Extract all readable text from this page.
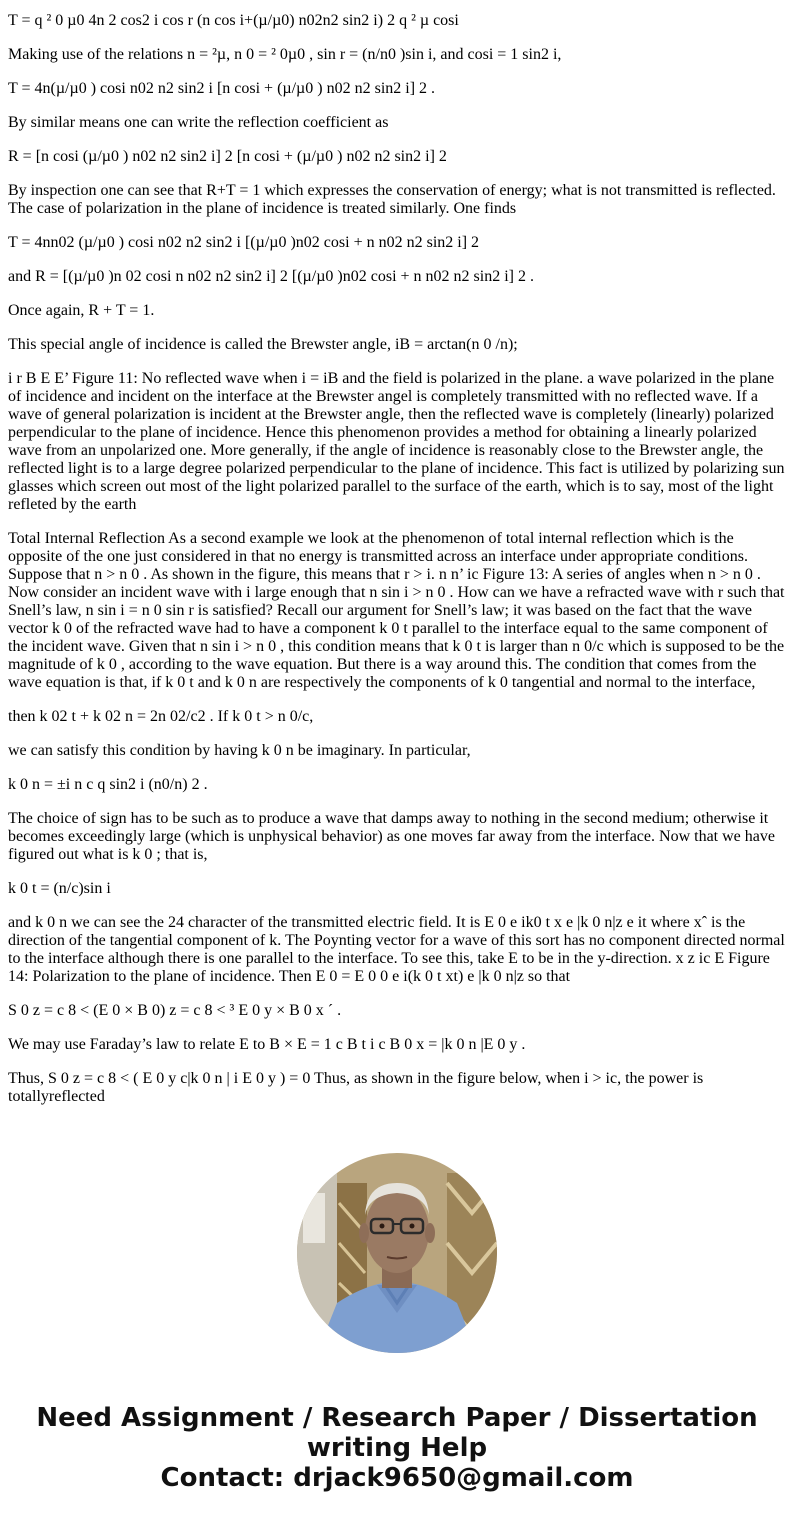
T = q ² 0 µ0 4n 2 cos2 i cos r (n cos i+(µ/µ0) n02n2 sin2 i) 2 q ² µ cosi

Making use of the relations n = ²µ, n 0 = ² 0µ0 , sin r = (n/n0 )sin i, and cosi = 1 sin2 i,

T = 4n(µ/µ0 ) cosi n02 n2 sin2 i [n cosi + (µ/µ0 ) n02 n2 sin2 i] 2 .

By similar means one can write the reflection coefficient as

R = [n cosi (µ/µ0 ) n02 n2 sin2 i] 2 [n cosi + (µ/µ0 ) n02 n2 sin2 i] 2

By inspection one can see that R+T = 1 which expresses the conservation of energy; what is not transmitted is reflected. The case of polarization in the plane of incidence is treated similarly. One finds

T = 4nn02 (µ/µ0 ) cosi n02 n2 sin2 i [(µ/µ0 )n02 cosi + n n02 n2 sin2 i] 2

and R = [(µ/µ0 )n 02 cosi n n02 n2 sin2 i] 2 [(µ/µ0 )n02 cosi + n n02 n2 sin2 i] 2 .

Once again, R + T = 1.

This special angle of incidence is called the Brewster angle, iB = arctan(n 0 /n);

i r B E E’ Figure 11: No reflected wave when i = iB and the field is polarized in the plane. a wave polarized in the plane of incidence and incident on the interface at the Brewster angel is completely transmitted with no reflected wave. If a wave of general polarization is incident at the Brewster angle, then the reflected wave is completely (linearly) polarized perpendicular to the plane of incidence. Hence this phenomenon provides a method for obtaining a linearly polarized wave from an unpolarized one. More generally, if the angle of incidence is reasonably close to the Brewster angle, the reflected light is to a large degree polarized perpendicular to the plane of incidence. This fact is utilized by polarizing sun glasses which screen out most of the light polarized parallel to the surface of the earth, which is to say, most of the light refleted by the earth

Total Internal Reflection As a second example we look at the phenomenon of total internal reflection which is the opposite of the one just considered in that no energy is transmitted across an interface under appropriate conditions. Suppose that n > n 0 . As shown in the figure, this means that r > i. n n’ ic Figure 13: A series of angles when n > n 0 . Now consider an incident wave with i large enough that n sin i > n 0 . How can we have a refracted wave with r such that Snell’s law, n sin i = n 0 sin r is satisfied? Recall our argument for Snell’s law; it was based on the fact that the wave vector k 0 of the refracted wave had to have a component k 0 t parallel to the interface equal to the same component of the incident wave. Given that n sin i > n 0 , this condition means that k 0 t is larger than n 0/c which is supposed to be the magnitude of k 0 , according to the wave equation. But there is a way around this. The condition that comes from the wave equation is that, if k 0 t and k 0 n are respectively the components of k 0 tangential and normal to the interface,

then k 02 t + k 02 n = 2n 02/c2 . If k 0 t > n 0/c,

we can satisfy this condition by having k 0 n be imaginary. In particular,

k 0 n = ±i n c q sin2 i (n0/n) 2 .

The choice of sign has to be such as to produce a wave that damps away to nothing in the second medium; otherwise it becomes exceedingly large (which is unphysical behavior) as one moves far away from the interface. Now that we have figured out what is k 0 ; that is,

k 0 t = (n/c)sin i

and k 0 n we can see the 24 character of the transmitted electric field. It is E 0 e ik0 t x e |k 0 n|z e it where xˆ is the direction of the tangential component of k. The Poynting vector for a wave of this sort has no component directed normal to the interface although there is one parallel to the interface. To see this, take E to be in the y-direction. x z ic E Figure 14: Polarization to the plane of incidence. Then E 0 = E 0 0 e i(k 0 t xt) e |k 0 n|z so that

S 0 z = c 8 < (E 0 × B 0) z = c 8 < ³ E 0 y × B 0 x ´ .

We may use Faraday’s law to relate E to B × E = 1 c B t i c B 0 x = |k 0 n |E 0 y .

Thus, S 0 z = c 8 < ( E 0 y c|k 0 n | i E 0 y ) = 0 Thus, as shown in the figure below, when i > ic, the power is totallyreflected

Need Assignment / Research Paper / Dissertation
writing Help
Contact: drjack9650@gmail.com
